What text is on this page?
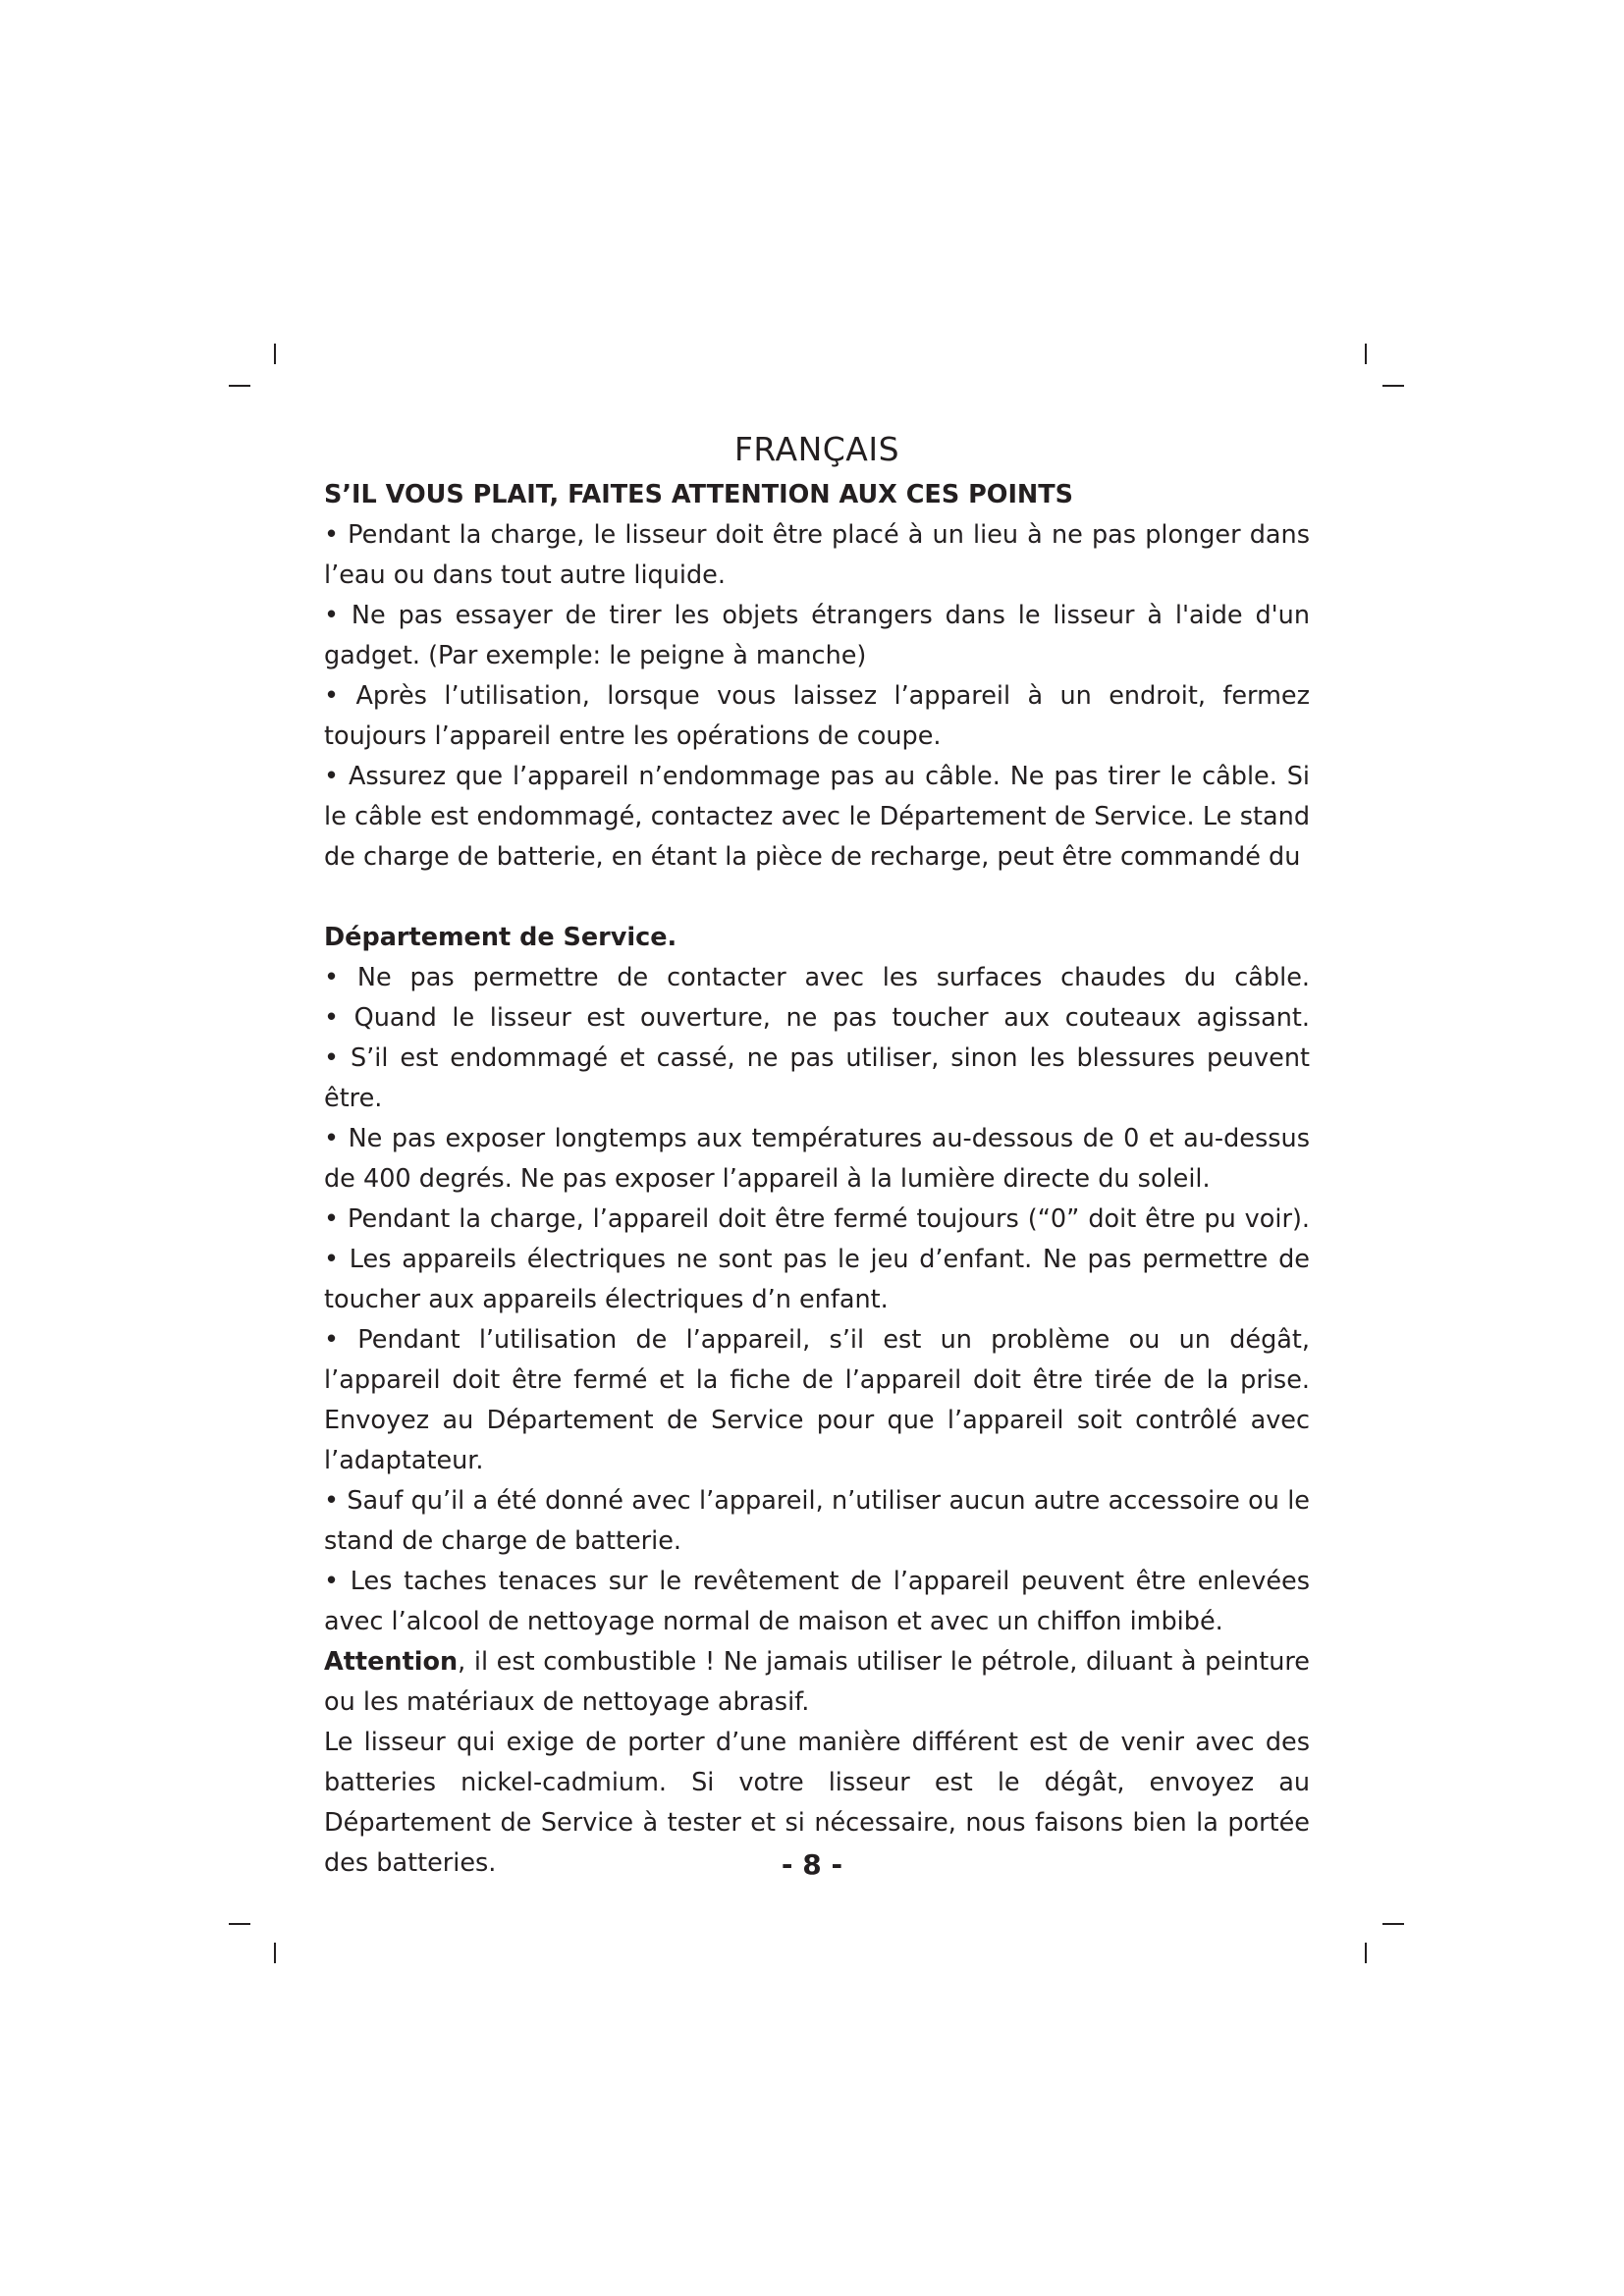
FRANÇAIS
S’IL VOUS PLAIT, FAITES ATTENTION AUX CES POINTS

• Pendant la charge, le lisseur doit être placé à un lieu à ne pas plonger dans l’eau ou dans tout autre liquide.

• Ne pas essayer de tirer les objets étrangers dans le lisseur à l'aide d'un gadget. (Par exemple: le peigne à manche)

• Après l’utilisation, lorsque vous laissez l’appareil à un endroit, fermez toujours l’appareil entre les opérations de coupe.

• Assurez que l’appareil n’endommage pas au câble. Ne pas tirer le câble. Si le câble est endommagé, contactez avec le Département de Service. Le stand de charge de batterie, en étant la pièce de recharge, peut être commandé du

Département de Service.

• Ne pas permettre de contacter avec les surfaces chaudes du câble.

• Quand le lisseur est ouverture, ne pas toucher aux couteaux agissant.

• S’il est endommagé et cassé, ne pas utiliser, sinon les blessures peuvent être.

• Ne pas exposer longtemps aux températures au-dessous de 0 et au-dessus de 400 degrés. Ne pas exposer l’appareil à la lumière directe du soleil.

• Pendant la charge, l’appareil doit être fermé toujours (“0” doit être pu voir).

• Les appareils électriques ne sont pas le jeu d’enfant. Ne pas permettre de toucher aux appareils électriques d’n enfant.

• Pendant l’utilisation de l’appareil, s’il est un problème ou un dégât, l’appareil doit être fermé et la fiche de l’appareil doit être tirée de la prise. Envoyez au Département de Service pour que l’appareil soit contrôlé avec l’adaptateur.

• Sauf qu’il a été donné avec l’appareil, n’utiliser aucun autre accessoire ou le stand de charge de batterie.

• Les taches tenaces sur le revêtement de l’appareil peuvent être enlevées avec l’alcool de nettoyage normal de maison et avec un chiffon imbibé.

Attention, il est combustible ! Ne jamais utiliser le pétrole, diluant à peinture ou les matériaux de nettoyage abrasif.

Le lisseur qui exige de porter d’une manière différent est de venir avec des batteries nickel-cadmium. Si votre lisseur est le dégât, envoyez au Département de Service à tester et si nécessaire, nous faisons bien la portée des batteries.	- 8 -
